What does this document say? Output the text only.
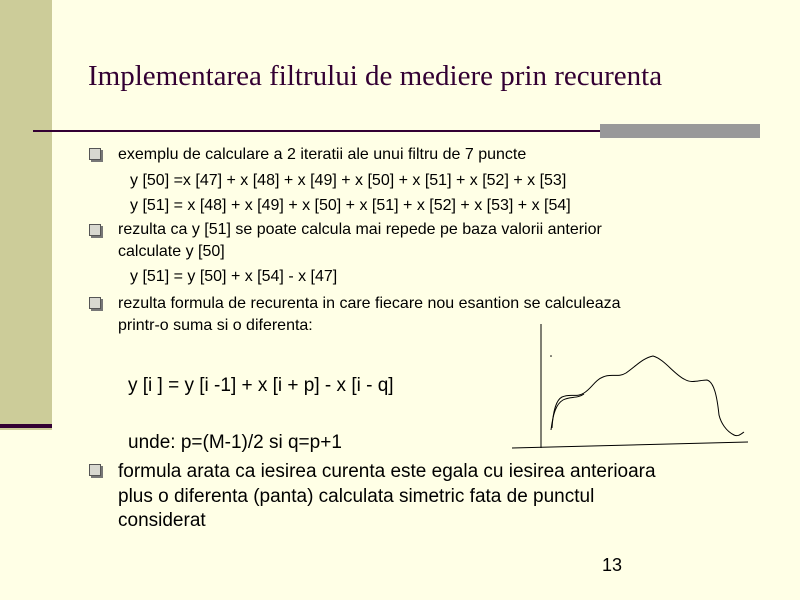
Implementarea filtrului de mediere prin recurenta
exemplu de calculare a 2 iteratii ale unui filtru de 7 puncte
y [50] =x [47] + x [48] + x [49] + x [50] + x [51] + x [52] + x [53]
y [51] = x [48] + x [49] + x [50] + x [51] + x [52] + x [53] + x [54]
rezulta ca y [51] se poate calcula mai repede pe baza valorii anterior
calculate y [50]
y [51] = y [50] + x [54] - x [47]
rezulta formula de recurenta in care fiecare nou esantion se calculeaza
printr-o suma si o diferenta:
y [i ] = y [i -1] + x [i + p] - x [i - q]
unde: p=(M-1)/2 si q=p+1
formula arata ca iesirea curenta este egala cu iesirea anterioara
plus o diferenta (panta) calculata simetric fata de punctul
considerat
13
